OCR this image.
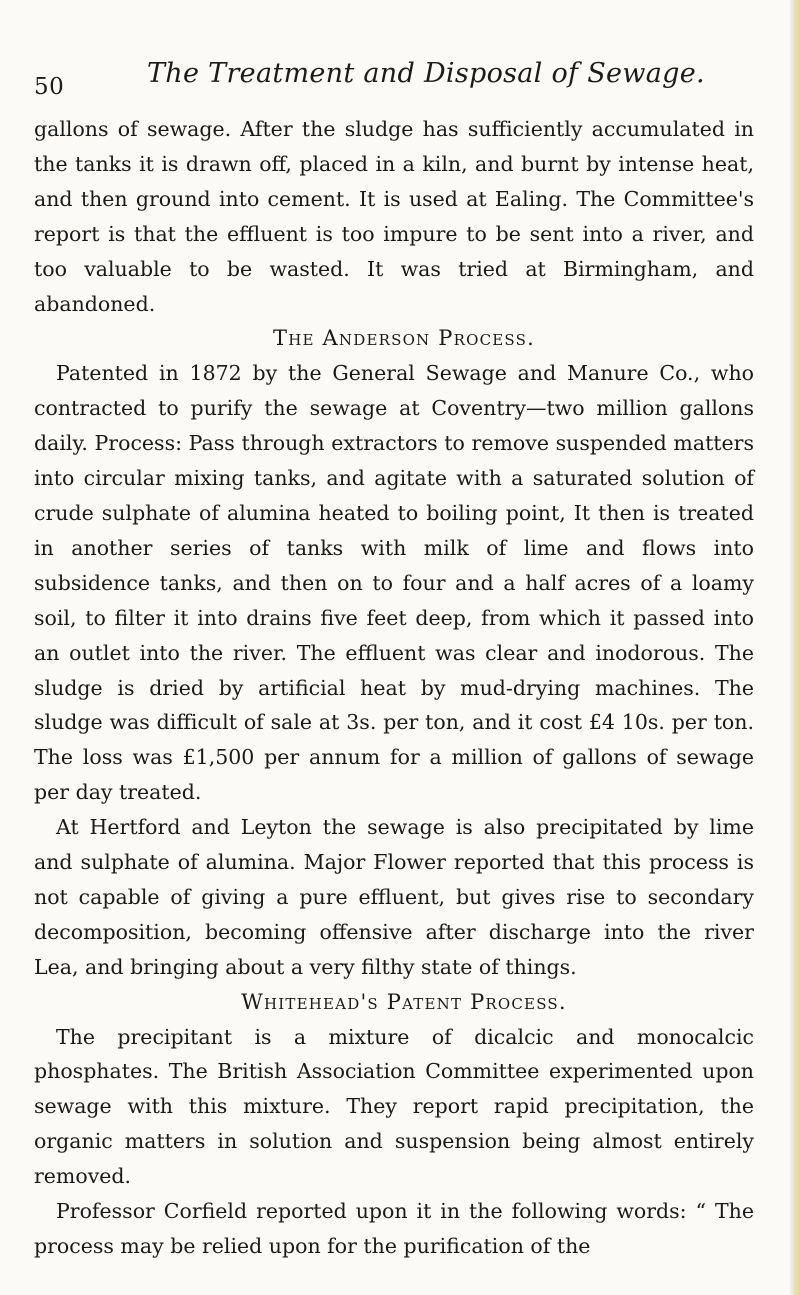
50	The Treatment and Disposal of Sewage.

gallons of sewage. After the sludge has sufficiently accumulated in the tanks it is drawn off, placed in a kiln, and burnt by intense heat, and then ground into cement. It is used at Ealing. The Committee's report is that the effluent is too impure to be sent into a river, and too valuable to be wasted. It was tried at Birmingham, and abandoned.

The Anderson Process.

Patented in 1872 by the General Sewage and Manure Co., who contracted to purify the sewage at Coventry—two million gallons daily. Process: Pass through extractors to remove suspended matters into circular mixing tanks, and agitate with a saturated solution of crude sulphate of alumina heated to boiling point, It then is treated in another series of tanks with milk of lime and flows into subsidence tanks, and then on to four and a half acres of a loamy soil, to filter it into drains five feet deep, from which it passed into an outlet into the river. The effluent was clear and inodorous. The sludge is dried by artificial heat by mud-drying machines. The sludge was difficult of sale at 3s. per ton, and it cost £4 10s. per ton. The loss was £1,500 per annum for a million of gallons of sewage per day treated.

At Hertford and Leyton the sewage is also precipitated by lime and sulphate of alumina. Major Flower reported that this process is not capable of giving a pure effluent, but gives rise to secondary decomposition, becoming offensive after discharge into the river Lea, and bringing about a very filthy state of things.

Whitehead's Patent Process.

The precipitant is a mixture of dicalcic and monocalcic phosphates. The British Association Committee experimented upon sewage with this mixture. They report rapid precipitation, the organic matters in solution and suspension being almost entirely removed.

Professor Corfield reported upon it in the following words: “ The process may be relied upon for the purification of the
